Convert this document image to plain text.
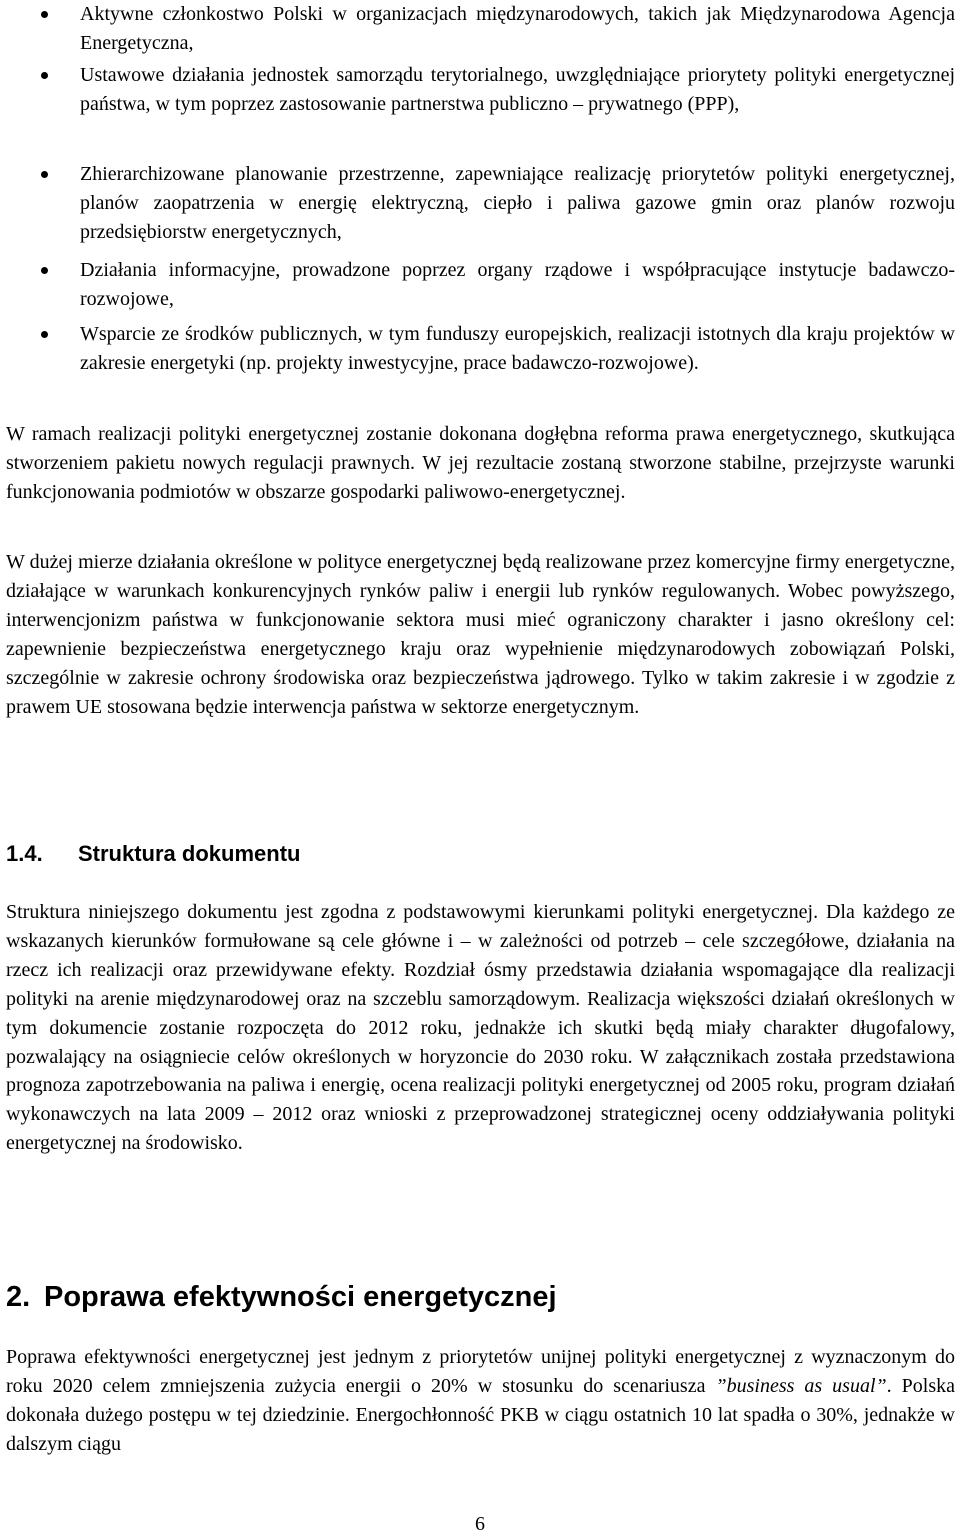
Aktywne członkostwo Polski w organizacjach międzynarodowych, takich jak Międzynarodowa Agencja Energetyczna,
Ustawowe działania jednostek samorządu terytorialnego, uwzględniające priorytety polityki energetycznej państwa, w tym poprzez zastosowanie partnerstwa publiczno – prywatnego (PPP),
Zhierarchizowane planowanie przestrzenne, zapewniające realizację priorytetów polityki energetycznej, planów zaopatrzenia w energię elektryczną, ciepło i paliwa gazowe gmin oraz planów rozwoju przedsiębiorstw energetycznych,
Działania informacyjne, prowadzone poprzez organy rządowe i współpracujące instytucje badawczo-rozwojowe,
Wsparcie ze środków publicznych, w tym funduszy europejskich, realizacji istotnych dla kraju projektów w zakresie energetyki (np. projekty inwestycyjne, prace badawczo-rozwojowe).

W ramach realizacji polityki energetycznej zostanie dokonana dogłębna reforma prawa energetycznego, skutkująca stworzeniem pakietu nowych regulacji prawnych. W jej rezultacie zostaną stworzone stabilne, przejrzyste warunki funkcjonowania podmiotów w obszarze gospodarki paliwowo-energetycznej.

W dużej mierze działania określone w polityce energetycznej będą realizowane przez komercyjne firmy energetyczne, działające w warunkach konkurencyjnych rynków paliw i energii lub rynków regulowanych. Wobec powyższego, interwencjonizm państwa w funkcjonowanie sektora musi mieć ograniczony charakter i jasno określony cel: zapewnienie bezpieczeństwa energetycznego kraju oraz wypełnienie międzynarodowych zobowiązań Polski, szczególnie w zakresie ochrony środowiska oraz bezpieczeństwa jądrowego. Tylko w takim zakresie i w zgodzie z prawem UE stosowana będzie interwencja państwa w sektorze energetycznym.

1.4. Struktura dokumentu

Struktura niniejszego dokumentu jest zgodna z podstawowymi kierunkami polityki energetycznej. Dla każdego ze wskazanych kierunków formułowane są cele główne i – w zależności od potrzeb – cele szczegółowe, działania na rzecz ich realizacji oraz przewidywane efekty. Rozdział ósmy przedstawia działania wspomagające dla realizacji polityki na arenie międzynarodowej oraz na szczeblu samorządowym. Realizacja większości działań określonych w tym dokumencie zostanie rozpoczęta do 2012 roku, jednakże ich skutki będą miały charakter długofalowy, pozwalający na osiągniecie celów określonych w horyzoncie do 2030 roku. W załącznikach została przedstawiona prognoza zapotrzebowania na paliwa i energię, ocena realizacji polityki energetycznej od 2005 roku, program działań wykonawczych na lata 2009 – 2012 oraz wnioski z przeprowadzonej strategicznej oceny oddziaływania polityki energetycznej na środowisko.

2. Poprawa efektywności energetycznej

Poprawa efektywności energetycznej jest jednym z priorytetów unijnej polityki energetycznej z wyznaczonym do roku 2020 celem zmniejszenia zużycia energii o 20% w stosunku do scenariusza ”business as usual”. Polska dokonała dużego postępu w tej dziedzinie. Energochłonność PKB w ciągu ostatnich 10 lat spadła o 30%, jednakże w dalszym ciągu

6
